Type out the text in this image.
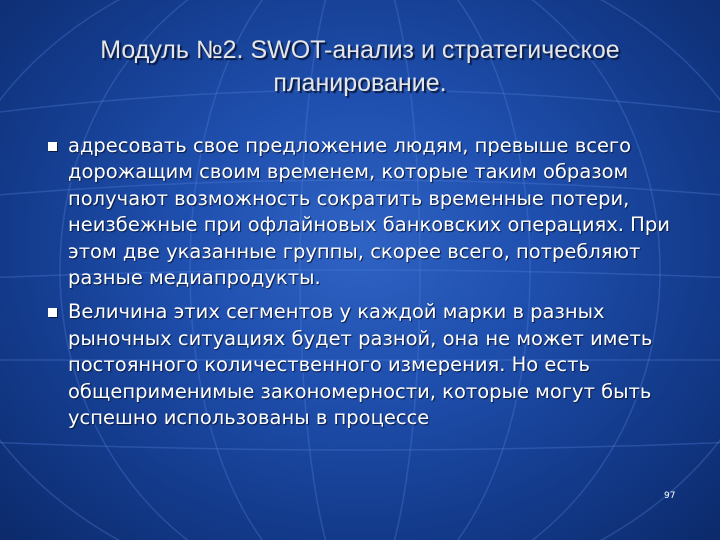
Модуль №2. SWOT-анализ и стратегическое
планирование.
адресовать свое предложение людям, превыше всего дорожащим своим временем, которые таким образом получают возможность сократить временные потери, неизбежные при офлайновых банковских операциях. При этом две указанные группы, скорее всего, потребляют разные медиапродукты.
Величина этих сегментов у каждой марки в разных рыночных ситуациях будет разной, она не может иметь постоянного количественного измерения. Но есть общеприменимые закономерности, которые могут быть успешно использованы в процессе
97
